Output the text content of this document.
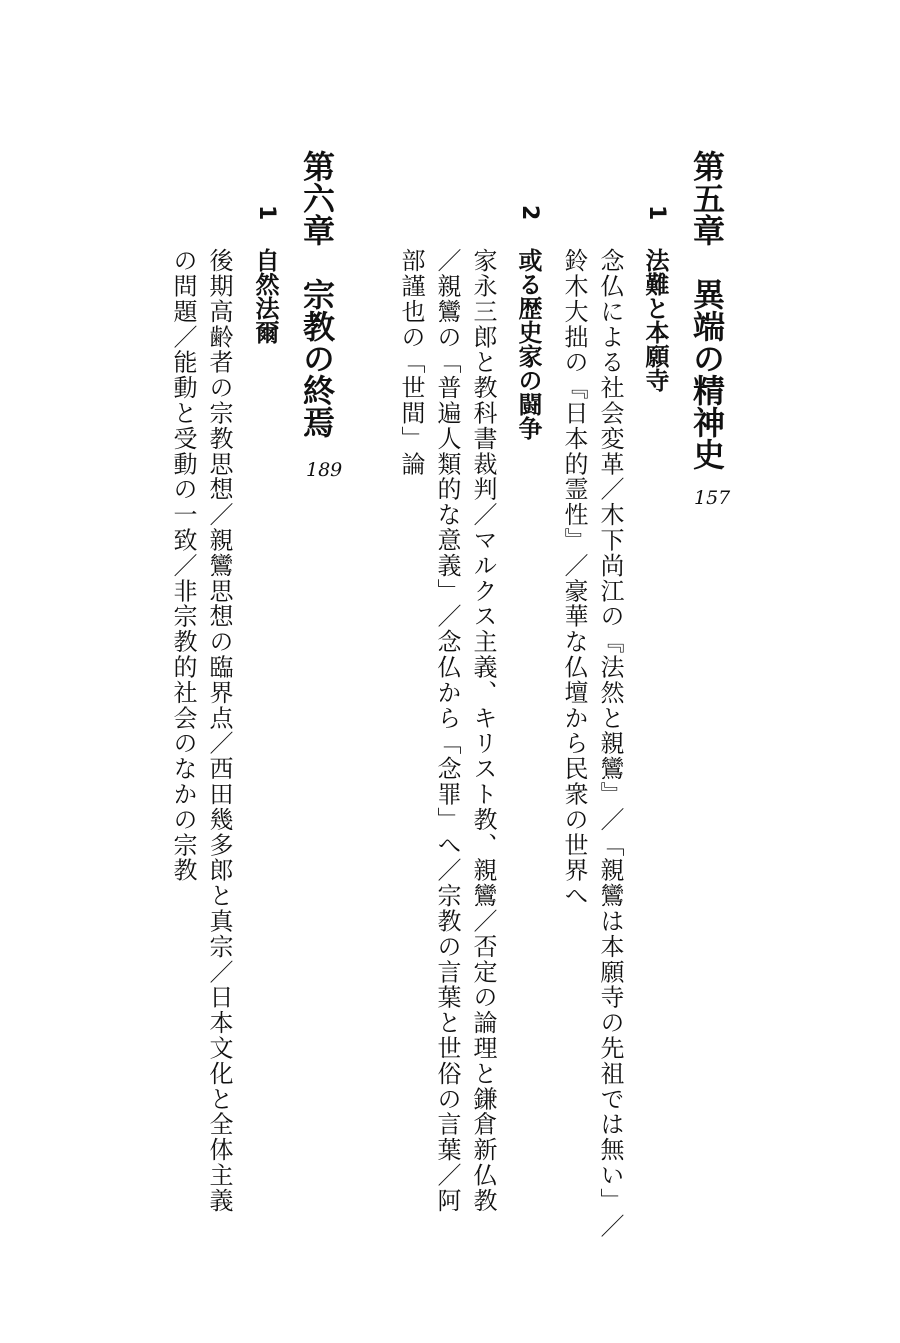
第五章　異端の精神史
157
1
法難と本願寺
念仏による社会変革／木下尚江の『法然と親鸞』／「親鸞は本願寺の先祖では無い」／
鈴木大拙の『日本的霊性』／豪華な仏壇から民衆の世界へ
2
或る歴史家の闘争
家永三郎と教科書裁判／マルクス主義、キリスト教、親鸞／否定の論理と鎌倉新仏教
／親鸞の「普遍人類的な意義」／念仏から「念罪」へ／宗教の言葉と世俗の言葉／阿
部謹也の「世間」論
第六章　宗教の終焉
189
1
自然法爾
後期高齢者の宗教思想／親鸞思想の臨界点／西田幾多郎と真宗／日本文化と全体主義
の問題／能動と受動の一致／非宗教的社会のなかの宗教
